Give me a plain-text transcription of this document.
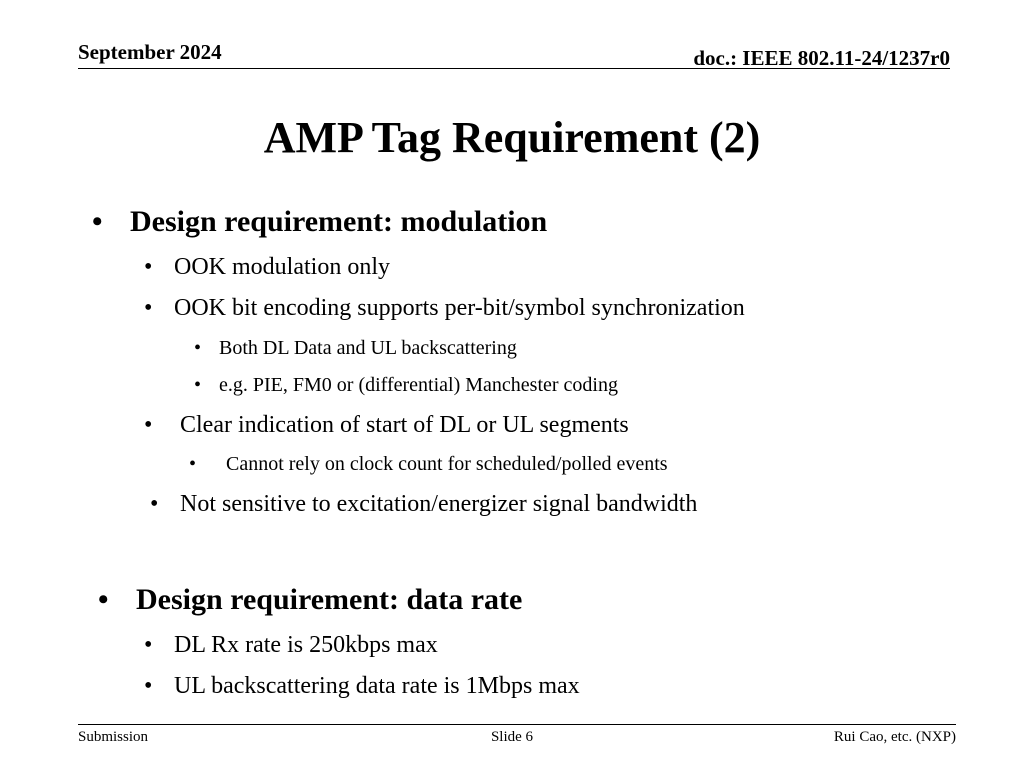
September 2024	doc.: IEEE 802.11-24/1237r0
AMP Tag Requirement (2)
• Design requirement: modulation
• OOK modulation only
• OOK bit encoding supports per-bit/symbol synchronization
• Both DL Data and UL backscattering
• e.g. PIE, FM0 or (differential) Manchester coding
• Clear indication of start of DL or UL segments
• Cannot rely on clock count for scheduled/polled events
• Not sensitive to excitation/energizer signal bandwidth
• Design requirement: data rate
• DL Rx rate is 250kbps max
• UL backscattering data rate is 1Mbps max
Submission	Slide 6	Rui Cao, etc. (NXP)
